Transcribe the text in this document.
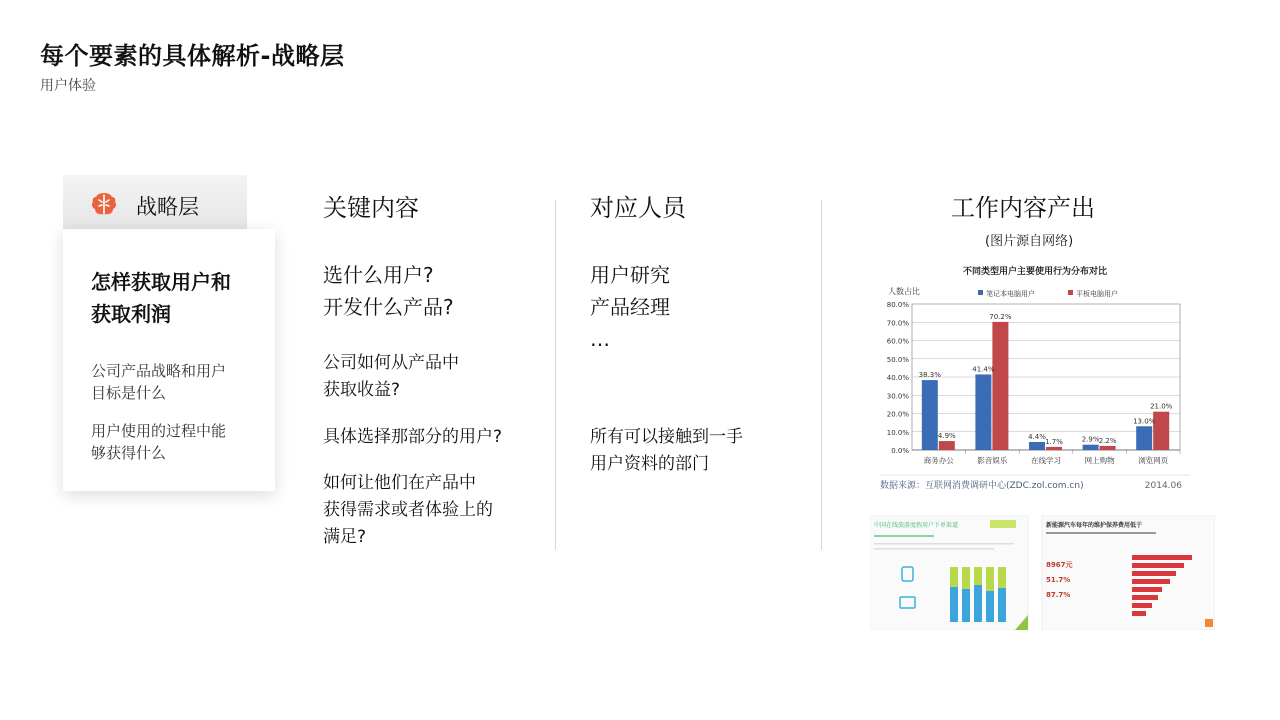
每个要素的具体解析-战略层
用户体验
战略层
怎样获取用户和
获取利润
公司产品战略和用户
目标是什么
用户使用的过程中能
够获得什么
关键内容
选什么用户?
开发什么产品?
公司如何从产品中
获取收益?
具体选择那部分的用户?
如何让他们在产品中
获得需求或者体验上的
满足?
对应人员
用户研究
产品经理
…
所有可以接触到一手
用户资料的部门
工作内容产出
(图片源自网络)
不同类型用户主要使用行为分布对比
人数占比	笔记本电脑用户	平板电脑用户
0.0%
10.0%
20.0%
30.0%
40.0%
50.0%
60.0%
70.0%
80.0%
38.3%
4.9%
商务办公
41.4%
70.2%
影音娱乐
4.4%
1.7%
在线学习
2.9% 2.2%
网上购物
13.0%
21.0%
浏览网页
数据来源：互联网消费调研中心(ZDC.zol.com.cn)	2014.06
中国在线旅游度假用户下单渠道	新能源汽车每年的维护保养费用低于
8967元
51.7%
87.7%
